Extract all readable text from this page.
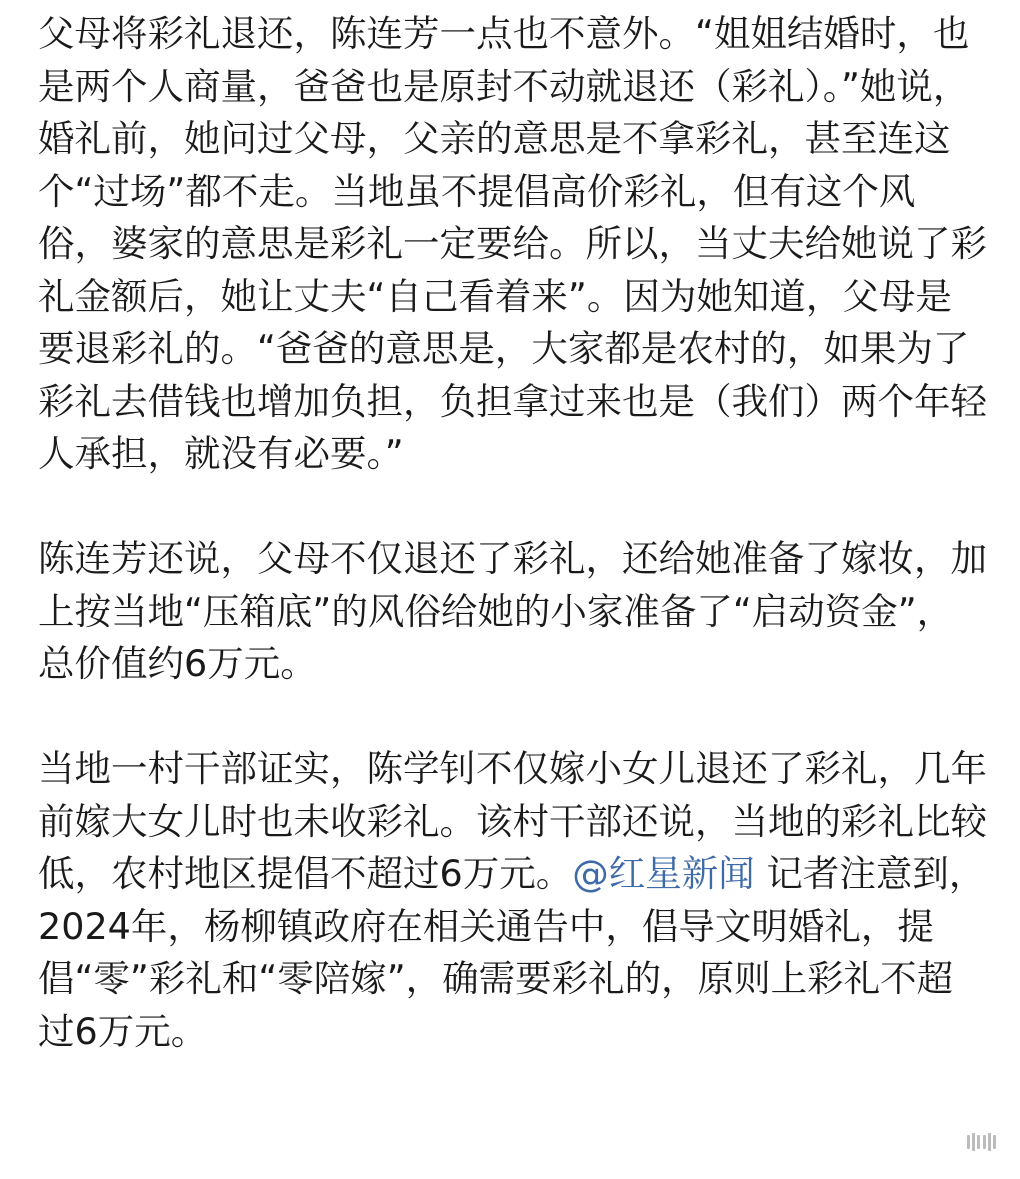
父母将彩礼退还，陈连芳一点也不意外。“姐姐结婚时，也是两个人商量，爸爸也是原封不动就退还（彩礼）。”她说，婚礼前，她问过父母，父亲的意思是不拿彩礼，甚至连这个“过场”都不走。当地虽不提倡高价彩礼，但有这个风俗，婆家的意思是彩礼一定要给。所以，当丈夫给她说了彩礼金额后，她让丈夫“自己看着来”。因为她知道，父母是要退彩礼的。“爸爸的意思是，大家都是农村的，如果为了彩礼去借钱也增加负担，负担拿过来也是（我们）两个年轻人承担，就没有必要。”

陈连芳还说，父母不仅退还了彩礼，还给她准备了嫁妆，加上按当地“压箱底”的风俗给她的小家准备了“启动资金”，总价值约6万元。

当地一村干部证实，陈学钊不仅嫁小女儿退还了彩礼，几年前嫁大女儿时也未收彩礼。该村干部还说，当地的彩礼比较低，农村地区提倡不超过6万元。@红星新闻 记者注意到，2024年，杨柳镇政府在相关通告中，倡导文明婚礼，提倡“零”彩礼和“零陪嫁”，确需要彩礼的，原则上彩礼不超过6万元。
